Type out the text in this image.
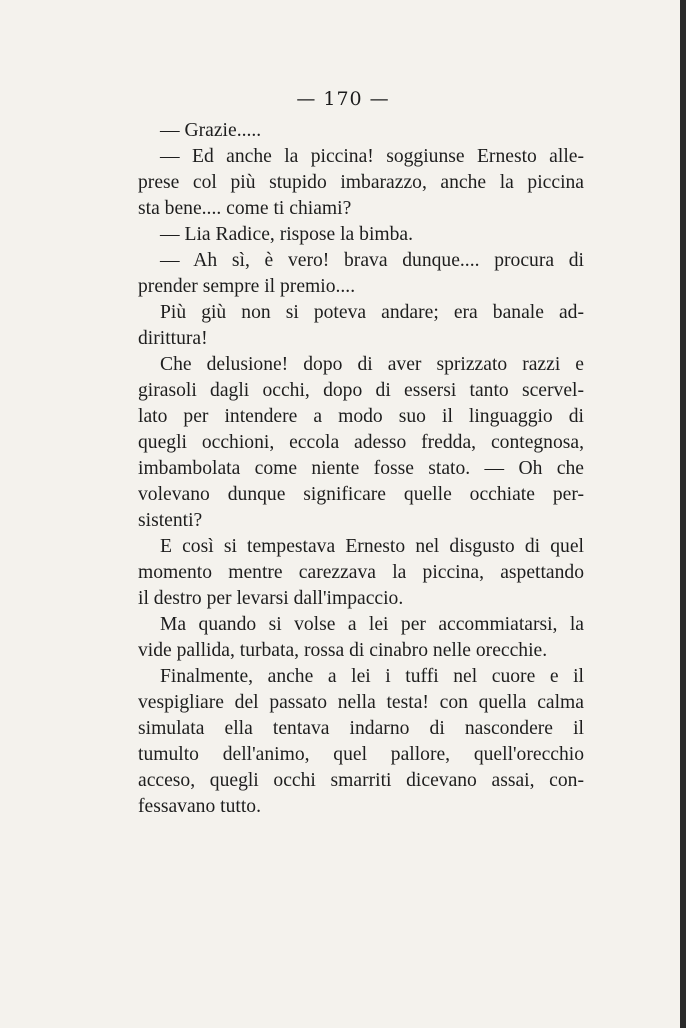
— 170 —
— Grazie.....
— Ed anche la piccina! soggiunse Ernesto alle-
prese col più stupido imbarazzo, anche la piccina
sta bene.... come ti chiami?
— Lia Radice, rispose la bimba.
— Ah sì, è vero! brava dunque.... procura di
prender sempre il premio....
Più giù non si poteva andare; era banale ad-
dirittura!
Che delusione! dopo di aver sprizzato razzi e
girasoli dagli occhi, dopo di essersi tanto scervel-
lato per intendere a modo suo il linguaggio di
quegli occhioni, eccola adesso fredda, contegnosa,
imbambolata come niente fosse stato. — Oh che
volevano dunque significare quelle occhiate per-
sistenti?
E così si tempestava Ernesto nel disgusto di quel
momento mentre carezzava la piccina, aspettando
il destro per levarsi dall'impaccio.
Ma quando si volse a lei per accommiatarsi, la
vide pallida, turbata, rossa di cinabro nelle orecchie.
Finalmente, anche a lei i tuffi nel cuore e il
vespigliare del passato nella testa! con quella calma
simulata ella tentava indarno di nascondere il
tumulto dell'animo, quel pallore, quell'orecchio
acceso, quegli occhi smarriti dicevano assai, con-
fessavano tutto.
